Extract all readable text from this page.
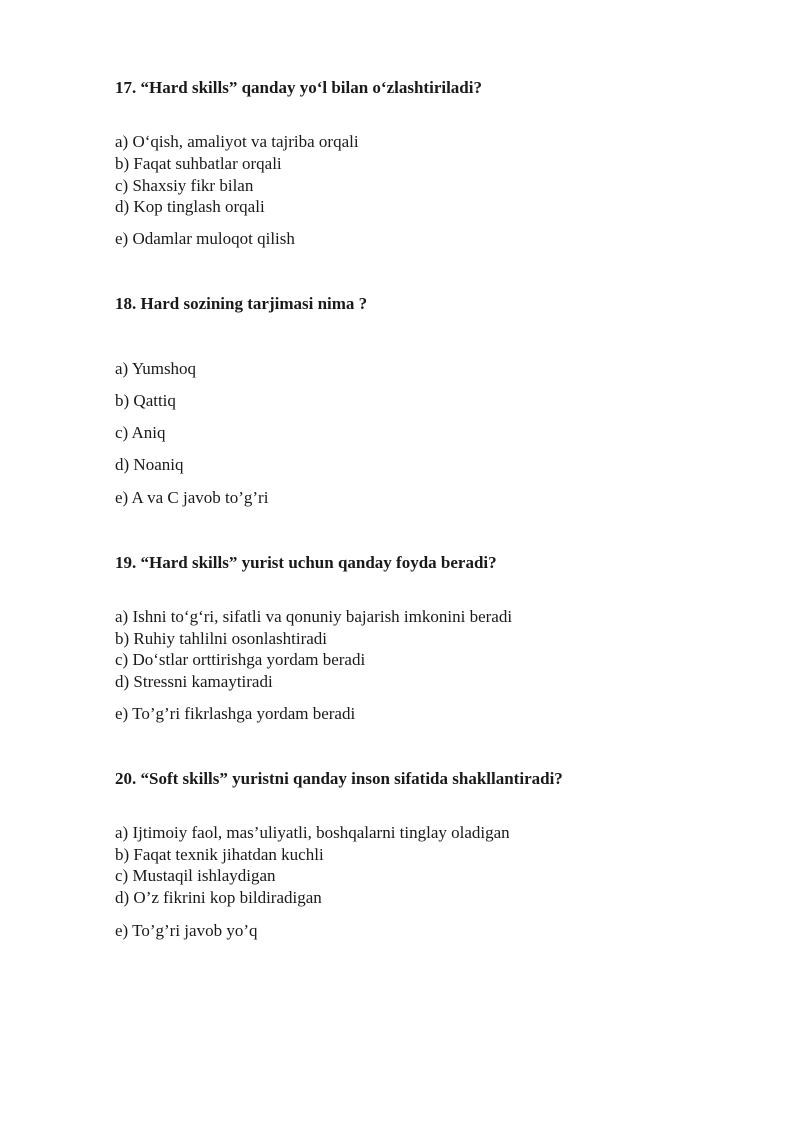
17. “Hard skills” qanday yo‘l bilan o‘zlashtiriladi?

a) O‘qish, amaliyot va tajriba orqali

b) Faqat suhbatlar orqali

c) Shaxsiy fikr bilan

d) Kop tinglash orqali

e) Odamlar muloqot qilish

18. Hard sozining tarjimasi nima ?

a) Yumshoq

b) Qattiq

c) Aniq

d) Noaniq

e) A va C javob to’g’ri

19. “Hard skills” yurist uchun qanday foyda beradi?

a) Ishni to‘g‘ri, sifatli va qonuniy bajarish imkonini beradi

b) Ruhiy tahlilni osonlashtiradi

c) Do‘stlar orttirishga yordam beradi

d) Stressni kamaytiradi

e) To’g’ri fikrlashga yordam beradi

20. “Soft skills” yuristni qanday inson sifatida shakllantiradi?

a) Ijtimoiy faol, mas’uliyatli, boshqalarni tinglay oladigan

b) Faqat texnik jihatdan kuchli

c) Mustaqil ishlaydigan

d) O’z fikrini kop bildiradigan

e) To’g’ri javob yo’q
